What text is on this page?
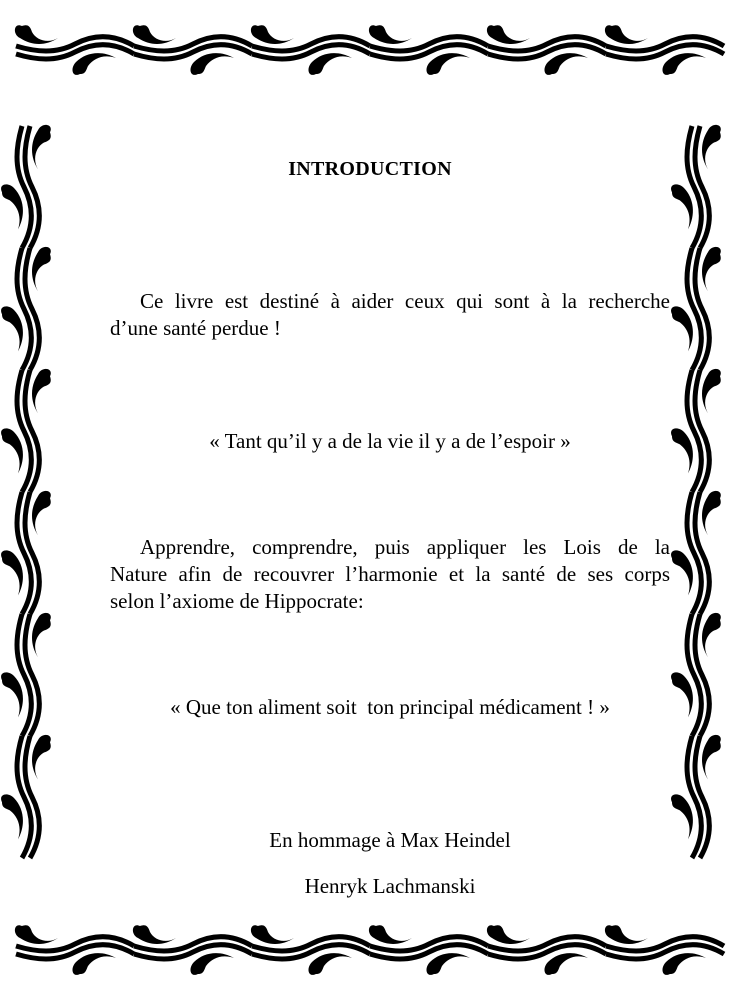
INTRODUCTION
Ce livre est destiné à aider ceux qui sont à la recherche
d’une santé perdue !
« Tant qu’il y a de la vie il y a de l’espoir »
Apprendre, comprendre, puis appliquer les Lois de la
Nature afin de recouvrer l’harmonie et la santé de ses corps
selon l’axiome de Hippocrate:
« Que ton aliment soit  ton principal médicament ! »
En hommage à Max Heindel
Henryk Lachmanski
